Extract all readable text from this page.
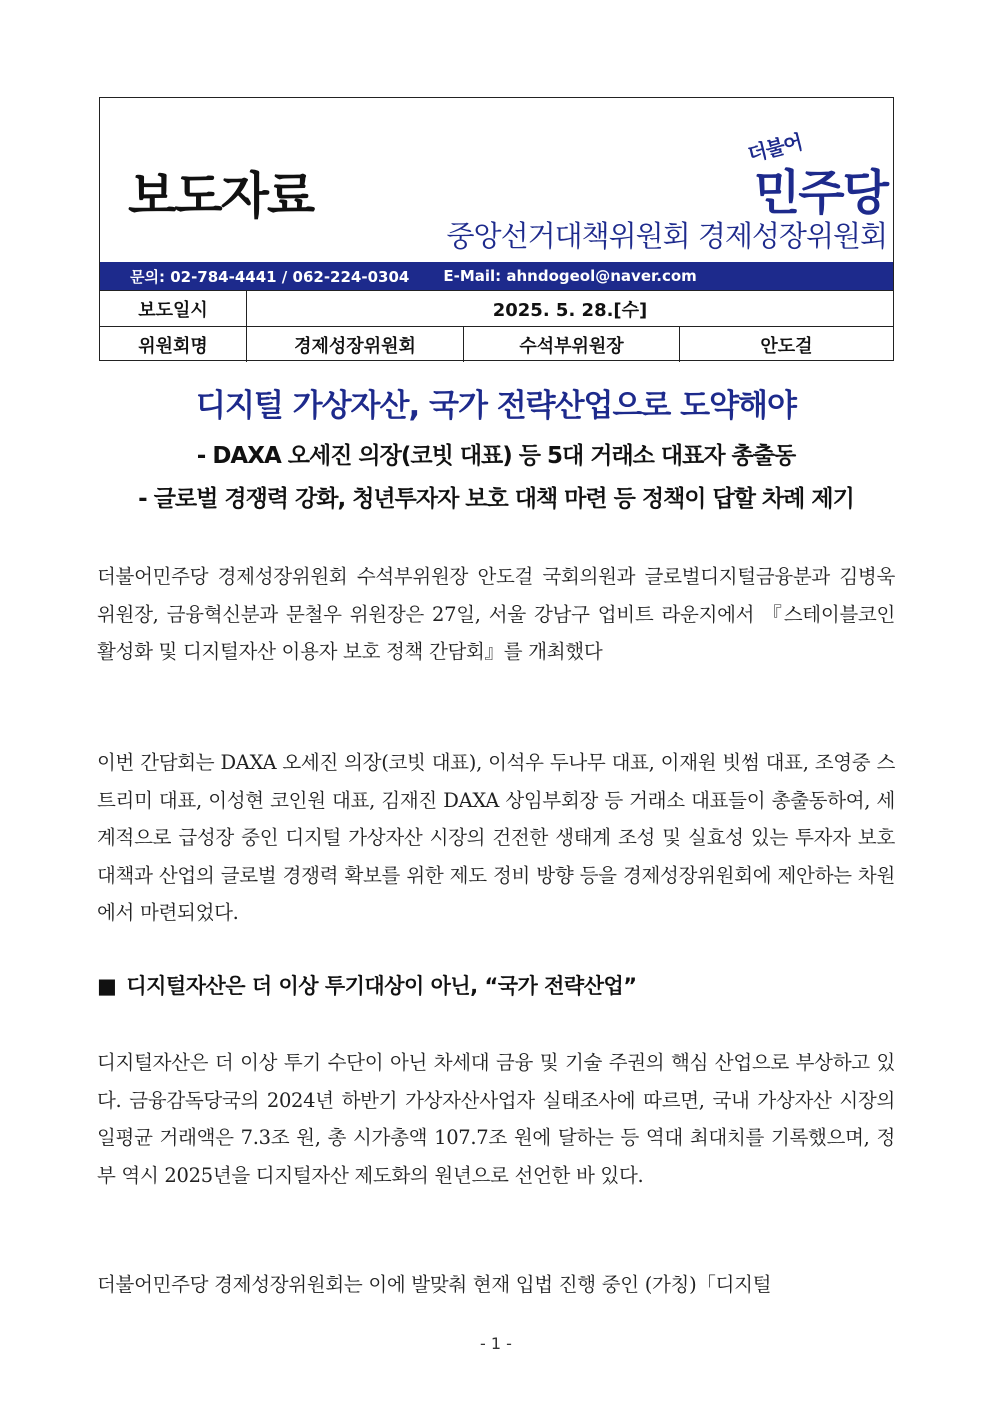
보도자료
더불어
민주당
중앙선거대책위원회 경제성장위원회
문의: 02-784-4441 / 062-224-0304 E-Mail: ahndogeol@naver.com
보도일시	2025. 5. 28.[수]		
위원회명	경제성장위원회	수석부위원장	안도걸
디지털 가상자산, 국가 전략산업으로 도약해야
- DAXA 오세진 의장(코빗 대표) 등 5대 거래소 대표자 총출동
- 글로벌 경쟁력 강화, 청년투자자 보호 대책 마련 등 정책이 답할 차례 제기
더불어민주당 경제성장위원회 수석부위원장 안도걸 국회의원과 글로벌디지털금융분과 김병욱 위원장, 금융혁신분과 문철우 위원장은 27일, 서울 강남구 업비트 라운지에서 『스테이블코인 활성화 및 디지털자산 이용자 보호 정책 간담회』를 개최했다
이번 간담회는 DAXA 오세진 의장(코빗 대표), 이석우 두나무 대표, 이재원 빗썸 대표, 조영중 스트리미 대표, 이성현 코인원 대표, 김재진 DAXA 상임부회장 등 거래소 대표들이 총출동하여, 세계적으로 급성장 중인 디지털 가상자산 시장의 건전한 생태계 조성 및 실효성 있는 투자자 보호 대책과 산업의 글로벌 경쟁력 확보를 위한 제도 정비 방향 등을 경제성장위원회에 제안하는 차원에서 마련되었다.
■ 디지털자산은 더 이상 투기대상이 아닌, “국가 전략산업”
디지털자산은 더 이상 투기 수단이 아닌 차세대 금융 및 기술 주권의 핵심 산업으로 부상하고 있다. 금융감독당국의 2024년 하반기 가상자산사업자 실태조사에 따르면, 국내 가상자산 시장의 일평균 거래액은 7.3조 원, 총 시가총액 107.7조 원에 달하는 등 역대 최대치를 기록했으며, 정부 역시 2025년을 디지털자산 제도화의 원년으로 선언한 바 있다.
더불어민주당 경제성장위원회는 이에 발맞춰 현재 입법 진행 중인 (가칭)「디지털
- 1 -
